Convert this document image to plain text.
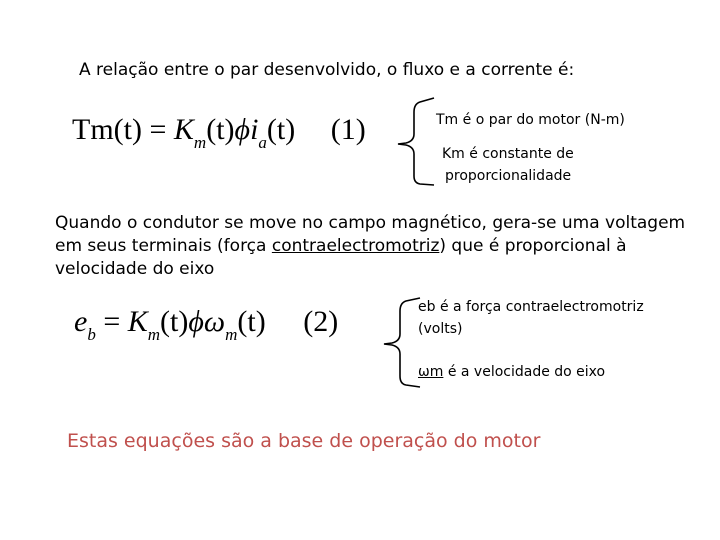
A relação entre o par desenvolvido, o fluxo e a corrente é:
$Tm(t) = K_m(t)\phi i_a(t)$ (1)	Tm é o par do motor (N-m)
Km é constante de
proporcionalidade
Quando o condutor se move no campo magnético, gera-se uma voltagem em seus terminais (força contraelectromotriz) que é proporcional à velocidade do eixo
$e_b = K_m(t)\phi\omega_m(t)$ (2)	eb é a força contraelectromotriz
(volts)
ωm é a velocidade do eixo
Estas equações são a base de operação do motor
